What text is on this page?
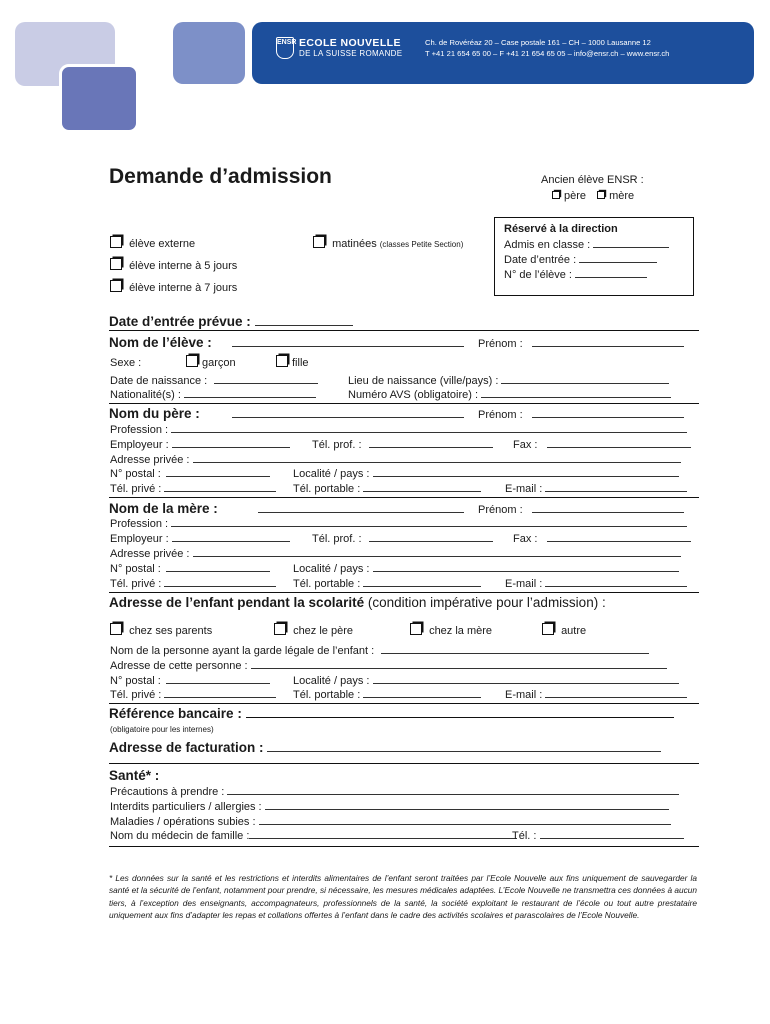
ENSR ECOLE NOUVELLE
DE LA SUISSE ROMANDE
Ch. de Rovéréaz 20 – Case postale 161 – CH – 1000 Lausanne 12
T +41 21 654 65 00 – F +41 21 654 65 05 – info@ensr.ch – www.ensr.ch
Demande d’admission	Ancien élève ENSR :
père mère
élève externe
élève interne à 5 jours
élève interne à 7 jours
matinées (classes Petite Section)
Réservé à la direction
Admis en classe :
Date d’entrée :
N° de l’élève :
Date d’entrée prévue :
Nom de l’élève :	Prénom :
Sexe :	garçon	fille
Date de naissance :	Lieu de naissance (ville/pays) :
Nationalité(s) :	Numéro AVS (obligatoire) :
Nom du père :	Prénom :
Profession :
Employeur :	Tél. prof. :	Fax :
Adresse privée :
N° postal :	Localité / pays :
Tél. privé :	Tél. portable :	E-mail :
Nom de la mère :	Prénom :
Profession :
Employeur :	Tél. prof. :	Fax :
Adresse privée :
N° postal :	Localité / pays :
Tél. privé :	Tél. portable :	E-mail :
Adresse de l’enfant pendant la scolarité (condition impérative pour l’admission) :
chez ses parents	chez le père	chez la mère	autre
Nom de la personne ayant la garde légale de l’enfant :
Adresse de cette personne :
N° postal :	Localité / pays :
Tél. privé :	Tél. portable :	E-mail :
Référence bancaire :
(obligatoire pour les internes)
Adresse de facturation :
Santé* :
Précautions à prendre :
Interdits particuliers / allergies :
Maladies / opérations subies :
Nom du médecin de famille :	Tél. :
* Les données sur la santé et les restrictions et interdits alimentaires de l’enfant seront traitées par l’Ecole Nouvelle aux fins uniquement de sauvegarder la santé et la sécurité de l’enfant, notamment pour prendre, si nécessaire, les mesures médicales adaptées. L’Ecole Nouvelle ne transmettra ces données à aucun tiers, à l’exception des enseignants, accompagnateurs, professionnels de la santé, la société exploitant le restaurant de l’école ou tout autre prestataire uniquement aux fins d’adapter les repas et collations offertes à l’enfant dans le cadre des activités scolaires et parascolaires de l’Ecole Nouvelle.
